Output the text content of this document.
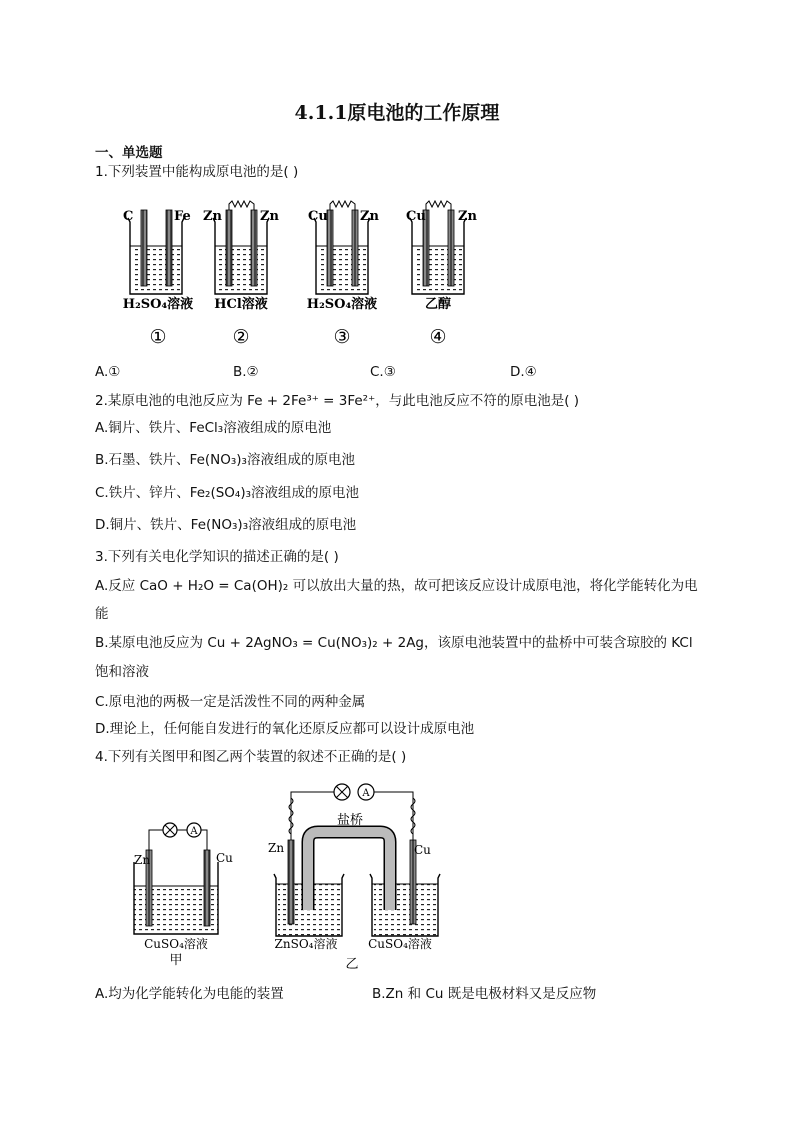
4.1.1原电池的工作原理
一、单选题
1.下列装置中能构成原电池的是( )
C	Fe
H₂SO₄溶液
①
Zn	Zn
HCl溶液
②
Cu Zn
H₂SO₄溶液
③
Cu Zn
乙醇
④
A.①	B.②	C.③	D.④
2.某原电池的电池反应为 Fe + 2Fe³⁺ = 3Fe²⁺，与此电池反应不符的原电池是( )
A.铜片、铁片、FeCl₃溶液组成的原电池
B.石墨、铁片、Fe(NO₃)₃溶液组成的原电池
C.铁片、锌片、Fe₂(SO₄)₃溶液组成的原电池
D.铜片、铁片、Fe(NO₃)₃溶液组成的原电池
3.下列有关电化学知识的描述正确的是( )
A.反应 CaO + H₂O = Ca(OH)₂ 可以放出大量的热，故可把该反应设计成原电池，将化学能转化为电
能
B.某原电池反应为 Cu + 2AgNO₃ = Cu(NO₃)₂ + 2Ag，该原电池装置中的盐桥中可装含琼胶的 KCl
饱和溶液
C.原电池的两极一定是活泼性不同的两种金属
D.理论上，任何能自发进行的氧化还原反应都可以设计成原电池
4.下列有关图甲和图乙两个装置的叙述不正确的是( )
A
Zn	Cu
CuSO₄溶液
甲
A
盐桥
Zn	Cu
ZnSO₄溶液	CuSO₄溶液
乙
A.均为化学能转化为电能的装置	B.Zn 和 Cu 既是电极材料又是反应物
